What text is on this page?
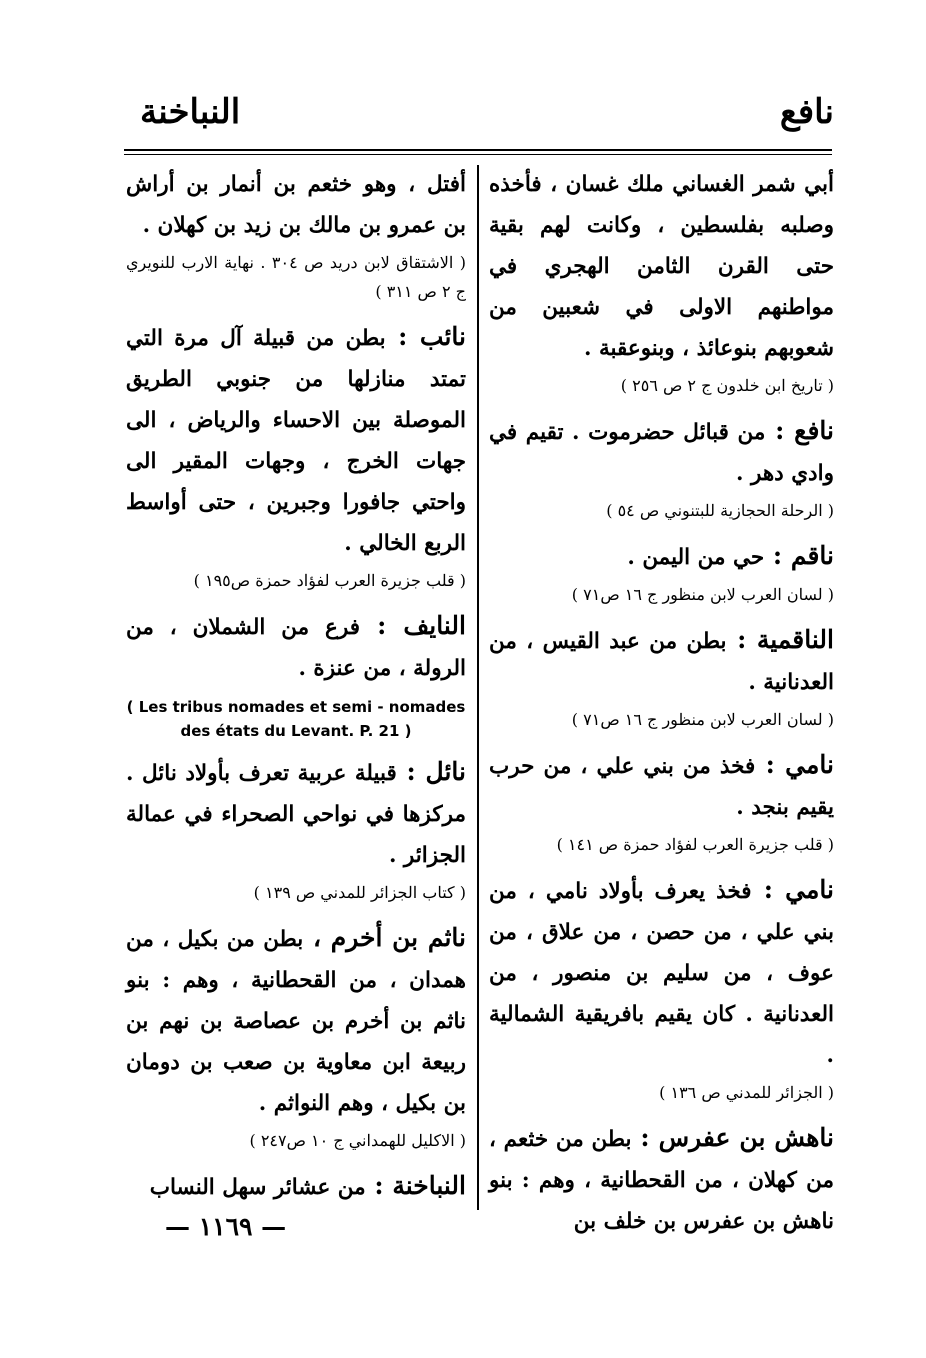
نافع
النباخنة

أبي شمر الغساني ملك غسان ، فأخذه وصلبه بفلسطين ، وكانت لهم بقية حتى القرن الثامن الهجري في مواطنهم الاولى في شعبين من شعوبهم بنوعائذ ، وبنوعقبة .

( تاريخ ابن خلدون ج ٢ ص ٢٥٦ )

نافع : من قبائل حضرموت . تقيم في وادي دهر .

( الرحلة الحجازية للبتنوني ص ٥٤ )

ناقم : حي من اليمن .

( لسان العرب لابن منظور ج ١٦ ص٧١ )

الناقمية : بطن من عبد القيس ، من العدنانية .

( لسان العرب لابن منظور ج ١٦ ص٧١ )

نامي : فخذ من بني علي ، من حرب يقيم بنجد .

( قلب جزيرة العرب لفؤاد حمزة ص ١٤١ )

نامي : فخذ يعرف بأولاد نامي ، من بني علي ، من حصن ، من علاق ، من عوف ، من سليم بن منصور ، من العدنانية . كان يقيم بافريقية الشمالية .

( الجزائر للمدني ص ١٣٦ )

ناهش بن عفرس : بطن من خثعم ، من كهلان ، من القحطانية ، وهم : بنو ناهش بن عفرس بن خلف بن

أفتل ، وهو خثعم بن أنمار بن أراش بن عمرو بن مالك بن زيد بن كهلان .

( الاشتقاق لابن دريد ص ٣٠٤ . نهاية الارب للنويري ج ٢ ص ٣١١ )

نائب : بطن من قبيلة آل مرة التي تمتد منازلها من جنوبي الطريق الموصلة بين الاحساء والرياض ، الى جهات الخرج ، وجهات المقير الى واحتي جافورا وجبرين ، حتى أواسط الربع الخالي .

( قلب جزيرة العرب لفؤاد حمزة ص١٩٥ )

النايف : فرع من الشملان ، من الرولة ، من عنزة .

( Les tribus nomades et semi - nomades des états du Levant. P. 21 )

نائل : قبيلة عربية تعرف بأولاد نائل . مركزها في نواحي الصحراء في عمالة الجزائر .

( كتاب الجزائر للمدني ص ١٣٩ )

ناثم بن أخرم ، بطن من بكيل ، من همدان ، من القحطانية ، وهم : بنو ناثم بن أخرم بن عصاصة بن نهم بن ربيعة ابن معاوية بن صعب بن دومان بن بكيل ، وهم النواثم .

( الاكليل للهمداني ج ١٠ ص٢٤٧ )

النباخنة : من عشائر سهل النساب

— ١١٦٩ —
